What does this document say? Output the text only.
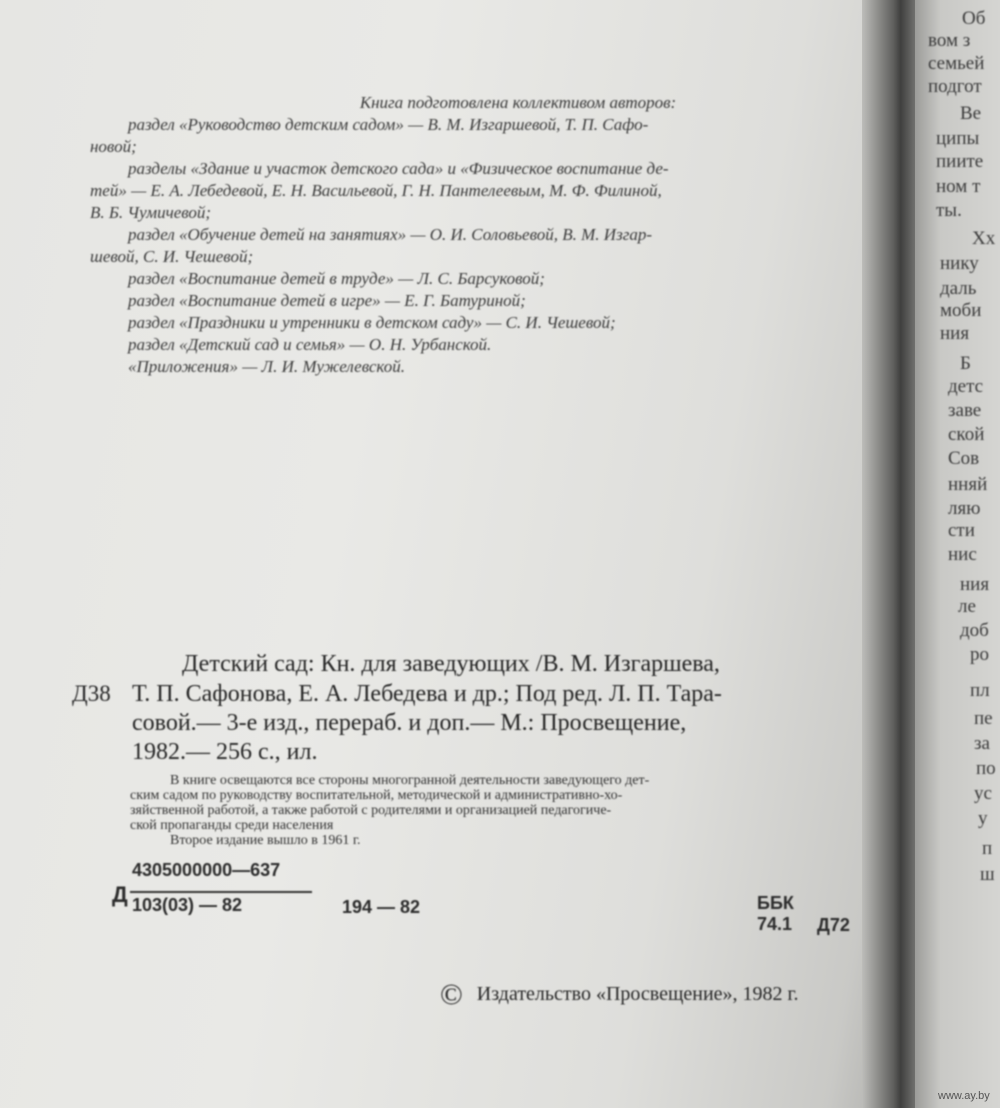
Книга подготовлена коллективом авторов:

раздел «Руководство детским садом» — В. М. Изгаршевой, Т. П. Сафо-

новой;

разделы «Здание и участок детского сада» и «Физическое воспитание де-

тей» — Е. А. Лебедевой, Е. Н. Васильевой, Г. Н. Пантелеевым, М. Ф. Филиной,

В. Б. Чумичевой;

раздел «Обучение детей на занятиях» — О. И. Соловьевой, В. М. Изгар-

шевой, С. И. Чешевой;

раздел «Воспитание детей в труде» — Л. С. Барсуковой;

раздел «Воспитание детей в игре» — Е. Г. Батуриной;

раздел «Праздники и утренники в детском саду» — С. И. Чешевой;

раздел «Детский сад и семья» — О. Н. Урбанской.

«Приложения» — Л. И. Мужелевской.

Детский сад: Кн. для заведующих /В. М. Изгаршева,

Д38 Т. П. Сафонова, Е. А. Лебедева и др.; Под ред. Л. П. Тара-

совой.— 3-е изд., перераб. и доп.— М.: Просвещение,

1982.— 256 с., ил.

В книге освещаются все стороны многогранной деятельности заведующего дет-

ским садом по руководству воспитательной, методической и административно-хо-

зяйственной работой, а также работой с родителями и организацией педагогиче-

ской пропаганды среди населения

Второе издание вышло в 1961 г.

Д
4305000000—637
103(03) — 82	194 — 82	ББК 74.1 Д72
© Издательство «Просвещение», 1982 г.
Об
вом з
семьей
подгот
Ве
ципы
пиите
ном т
ты.
Хх
нику
даль
моби
ния
Б
детс
заве
ской
Сов
нняй
ляю
сти
нис
ния
ле
доб
ро
пл
пе
за
по
ус
у
п
ш
www.ay.by
